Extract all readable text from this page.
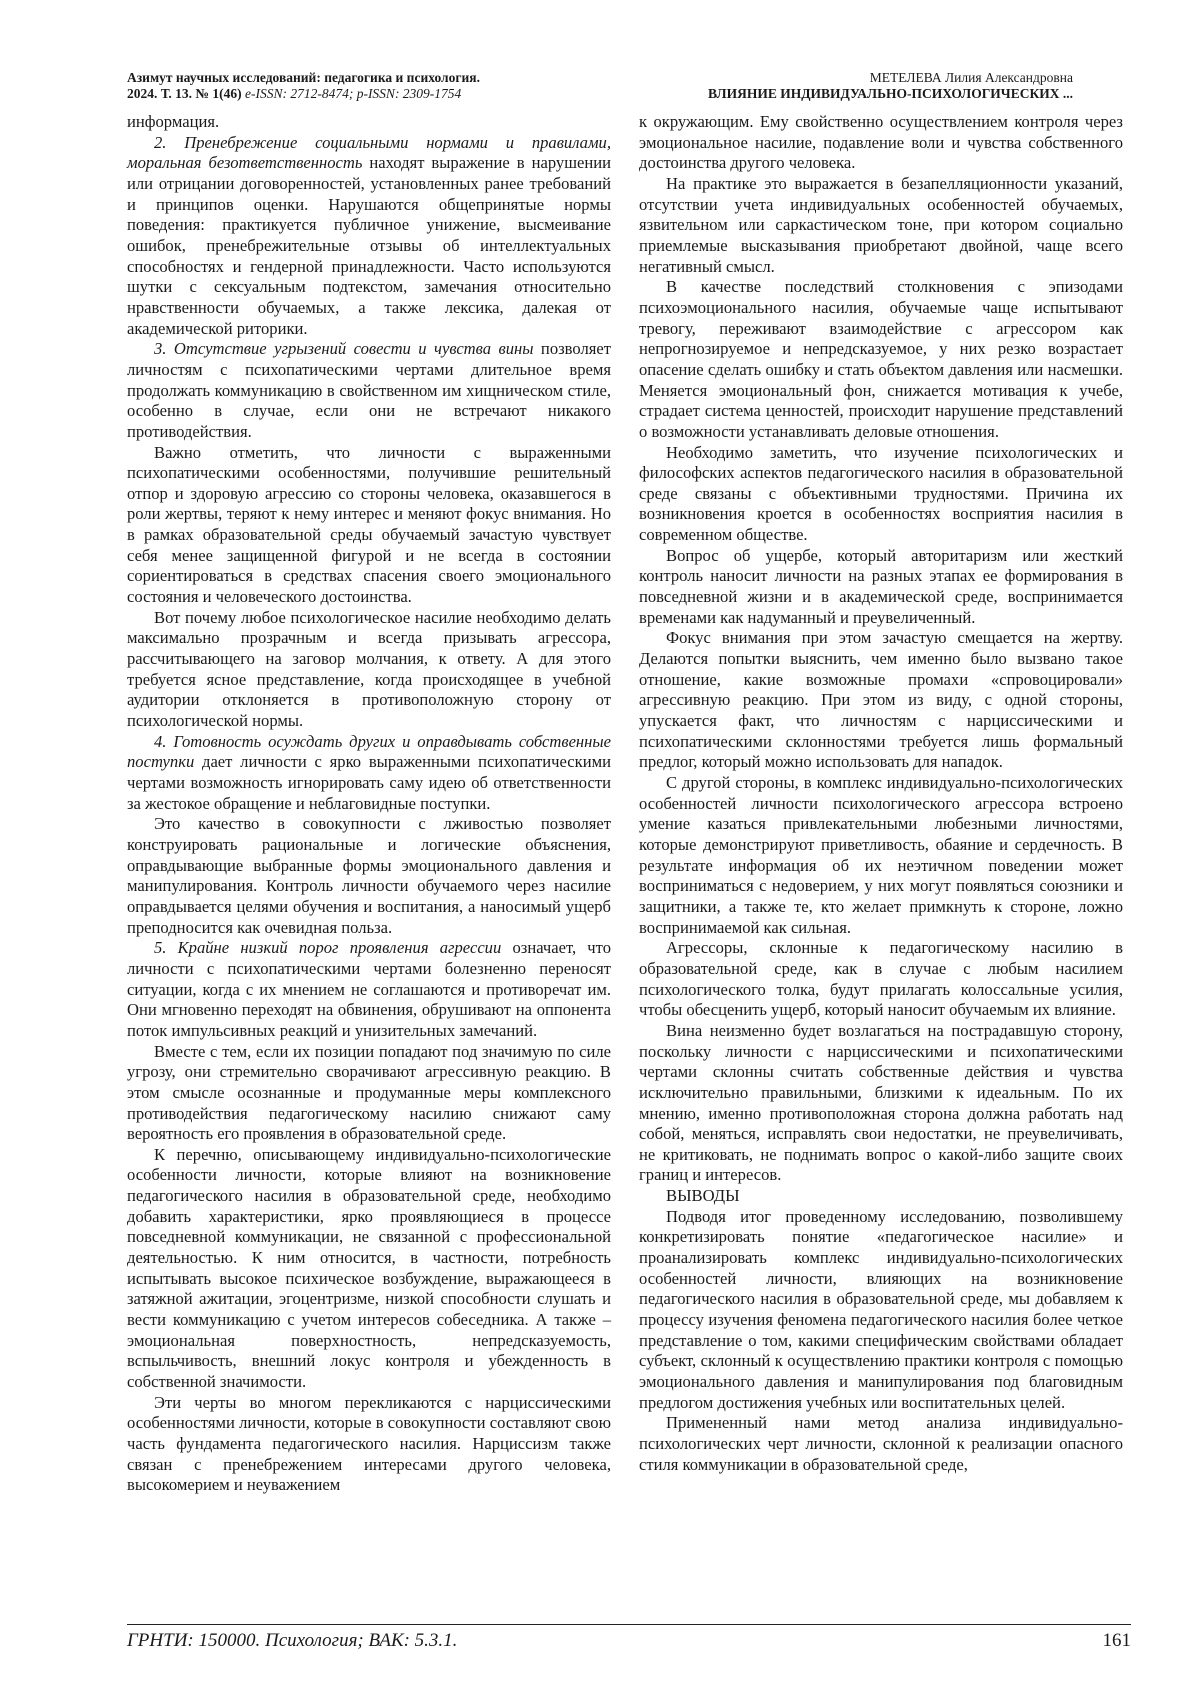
Азимут научных исследований: педагогика и психология.
2024. Т. 13. № 1(46) e-ISSN: 2712-8474; p-ISSN: 2309-1754
МЕТЕЛЕВА Лилия Александровна
ВЛИЯНИЕ ИНДИВИДУАЛЬНО-ПСИХОЛОГИЧЕСКИХ ...

информация.

2. Пренебрежение социальными нормами и правилами, моральная безответственность находят выражение в нарушении или отрицании договоренностей, установленных ранее требований и принципов оценки. Нарушаются общепринятые нормы поведения: практикуется публичное унижение, высмеивание ошибок, пренебрежительные отзывы об интеллектуальных способностях и гендерной принадлежности. Часто используются шутки с сексуальным подтекстом, замечания относительно нравственности обучаемых, а также лексика, далекая от академической риторики.

3. Отсутствие угрызений совести и чувства вины позволяет личностям с психопатическими чертами длительное время продолжать коммуникацию в свойственном им хищническом стиле, особенно в случае, если они не встречают никакого противодействия.

Важно отметить, что личности с выраженными психопатическими особенностями, получившие решительный отпор и здоровую агрессию со стороны человека, оказавшегося в роли жертвы, теряют к нему интерес и меняют фокус внимания. Но в рамках образовательной среды обучаемый зачастую чувствует себя менее защищенной фигурой и не всегда в состоянии сориентироваться в средствах спасения своего эмоционального состояния и человеческого достоинства.

Вот почему любое психологическое насилие необходимо делать максимально прозрачным и всегда призывать агрессора, рассчитывающего на заговор молчания, к ответу. А для этого требуется ясное представление, когда происходящее в учебной аудитории отклоняется в противоположную сторону от психологической нормы.

4. Готовность осуждать других и оправдывать собственные поступки дает личности с ярко выраженными психопатическими чертами возможность игнорировать саму идею об ответственности за жестокое обращение и неблаговидные поступки.

Это качество в совокупности с лживостью позволяет конструировать рациональные и логические объяснения, оправдывающие выбранные формы эмоционального давления и манипулирования. Контроль личности обучаемого через насилие оправдывается целями обучения и воспитания, а наносимый ущерб преподносится как очевидная польза.

5. Крайне низкий порог проявления агрессии означает, что личности с психопатическими чертами болезненно переносят ситуации, когда с их мнением не соглашаются и противоречат им. Они мгновенно переходят на обвинения, обрушивают на оппонента поток импульсивных реакций и унизительных замечаний.

Вместе с тем, если их позиции попадают под значимую по силе угрозу, они стремительно сворачивают агрессивную реакцию. В этом смысле осознанные и продуманные меры комплексного противодействия педагогическому насилию снижают саму вероятность его проявления в образовательной среде.

К перечню, описывающему индивидуально-психологические особенности личности, которые влияют на возникновение педагогического насилия в образовательной среде, необходимо добавить характеристики, ярко проявляющиеся в процессе повседневной коммуникации, не связанной с профессиональной деятельностью. К ним относится, в частности, потребность испытывать высокое психическое возбуждение, выражающееся в затяжной ажитации, эгоцентризме, низкой способности слушать и вести коммуникацию с учетом интересов собеседника. А также – эмоциональная поверхностность, непредсказуемость, вспыльчивость, внешний локус контроля и убежденность в собственной значимости.

Эти черты во многом перекликаются с нарциссическими особенностями личности, которые в совокупности составляют свою часть фундамента педагогического насилия. Нарциссизм также связан с пренебрежением интересами другого человека, высокомерием и неуважением

к окружающим. Ему свойственно осуществлением контроля через эмоциональное насилие, подавление воли и чувства собственного достоинства другого человека.

На практике это выражается в безапелляционности указаний, отсутствии учета индивидуальных особенностей обучаемых, язвительном или саркастическом тоне, при котором социально приемлемые высказывания приобретают двойной, чаще всего негативный смысл.

В качестве последствий столкновения с эпизодами психоэмоционального насилия, обучаемые чаще испытывают тревогу, переживают взаимодействие с агрессором как непрогнозируемое и непредсказуемое, у них резко возрастает опасение сделать ошибку и стать объектом давления или насмешки. Меняется эмоциональный фон, снижается мотивация к учебе, страдает система ценностей, происходит нарушение представлений о возможности устанавливать деловые отношения.

Необходимо заметить, что изучение психологических и философских аспектов педагогического насилия в образовательной среде связаны с объективными трудностями. Причина их возникновения кроется в особенностях восприятия насилия в современном обществе.

Вопрос об ущербе, который авторитаризм или жесткий контроль наносит личности на разных этапах ее формирования в повседневной жизни и в академической среде, воспринимается временами как надуманный и преувеличенный.

Фокус внимания при этом зачастую смещается на жертву. Делаются попытки выяснить, чем именно было вызвано такое отношение, какие возможные промахи «спровоцировали» агрессивную реакцию. При этом из виду, с одной стороны, упускается факт, что личностям с нарциссическими и психопатическими склонностями требуется лишь формальный предлог, который можно использовать для нападок.

С другой стороны, в комплекс индивидуально-психологических особенностей личности психологического агрессора встроено умение казаться привлекательными любезными личностями, которые демонстрируют приветливость, обаяние и сердечность. В результате информация об их неэтичном поведении может восприниматься с недоверием, у них могут появляться союзники и защитники, а также те, кто желает примкнуть к стороне, ложно воспринимаемой как сильная.

Агрессоры, склонные к педагогическому насилию в образовательной среде, как в случае с любым насилием психологического толка, будут прилагать колоссальные усилия, чтобы обесценить ущерб, который наносит обучаемым их влияние.

Вина неизменно будет возлагаться на пострадавшую сторону, поскольку личности с нарциссическими и психопатическими чертами склонны считать собственные действия и чувства исключительно правильными, близкими к идеальным. По их мнению, именно противоположная сторона должна работать над собой, меняться, исправлять свои недостатки, не преувеличивать, не критиковать, не поднимать вопрос о какой-либо защите своих границ и интересов.

ВЫВОДЫ

Подводя итог проведенному исследованию, позволившему конкретизировать понятие «педагогическое насилие» и проанализировать комплекс индивидуально-психологических особенностей личности, влияющих на возникновение педагогического насилия в образовательной среде, мы добавляем к процессу изучения феномена педагогического насилия более четкое представление о том, какими специфическим свойствами обладает субъект, склонный к осуществлению практики контроля с помощью эмоционального давления и манипулирования под благовидным предлогом достижения учебных или воспитательных целей.

Примененный нами метод анализа индивидуально-психологических черт личности, склонной к реализации опасного стиля коммуникации в образовательной среде,

ГРНТИ: 150000. Психология; ВАК: 5.3.1.	161
